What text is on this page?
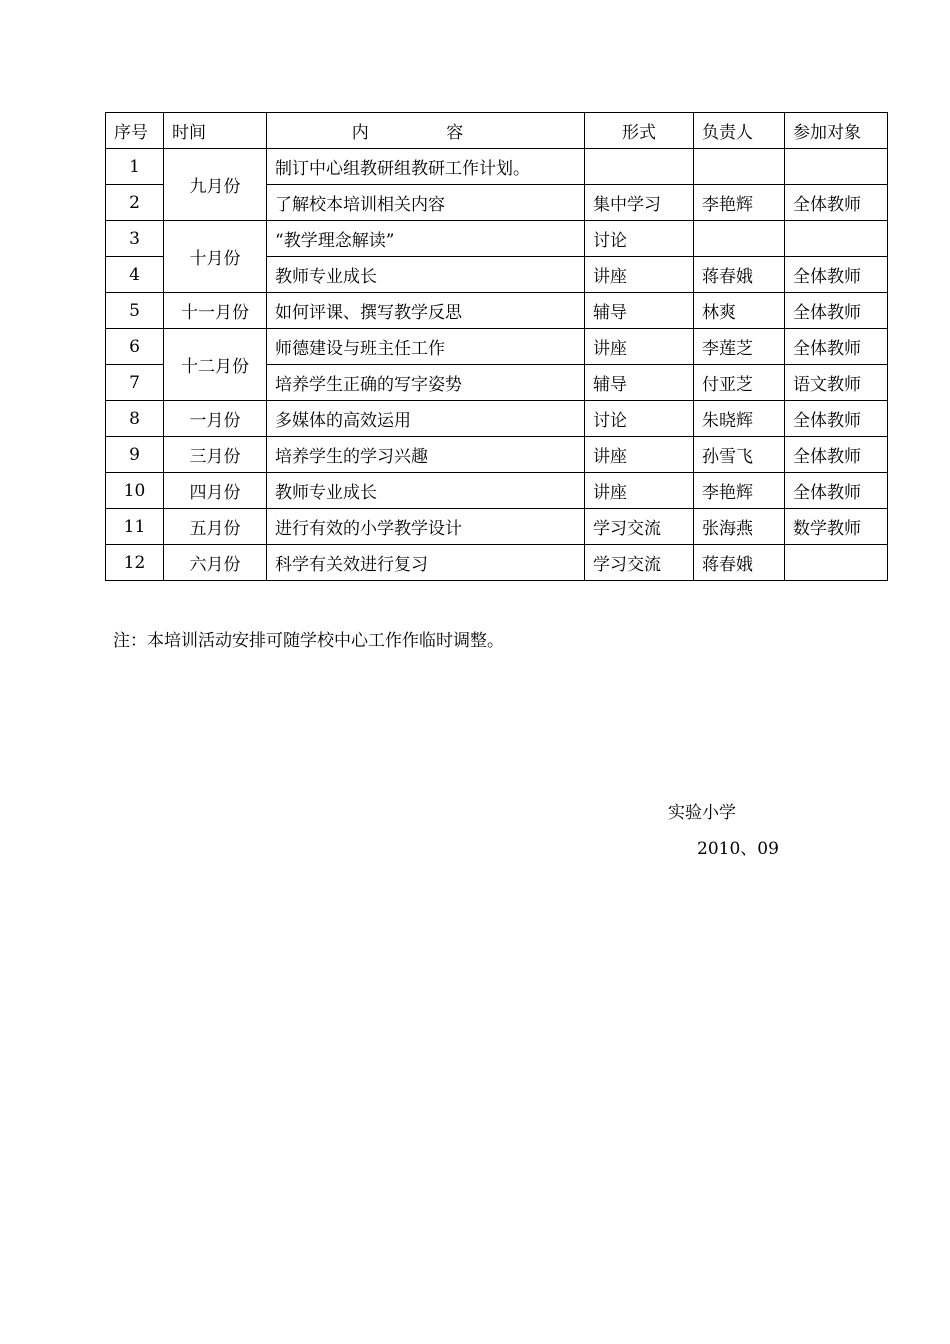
序号	时间	内 容	形式	负责人	参加对象
1	九月份	制订中心组教研组教研工作计划。			
2		了解校本培训相关内容	集中学习	李艳辉	全体教师
3	十月份	“教学理念解读”	讨论		
4		教师专业成长	讲座	蒋春娥	全体教师
5	十一月份	如何评课、撰写教学反思	辅导	林爽	全体教师
6	十二月份	师德建设与班主任工作	讲座	李莲芝	全体教师
7		培养学生正确的写字姿势	辅导	付亚芝	语文教师
8	一月份	多媒体的高效运用	讨论	朱晓辉	全体教师
9	三月份	培养学生的学习兴趣	讲座	孙雪飞	全体教师
10	四月份	教师专业成长	讲座	李艳辉	全体教师
11	五月份	进行有效的小学教学设计	学习交流	张海燕	数学教师
12	六月份	科学有关效进行复习	学习交流	蒋春娥	
注：本培训活动安排可随学校中心工作作临时调整。
实验小学
2010、09
